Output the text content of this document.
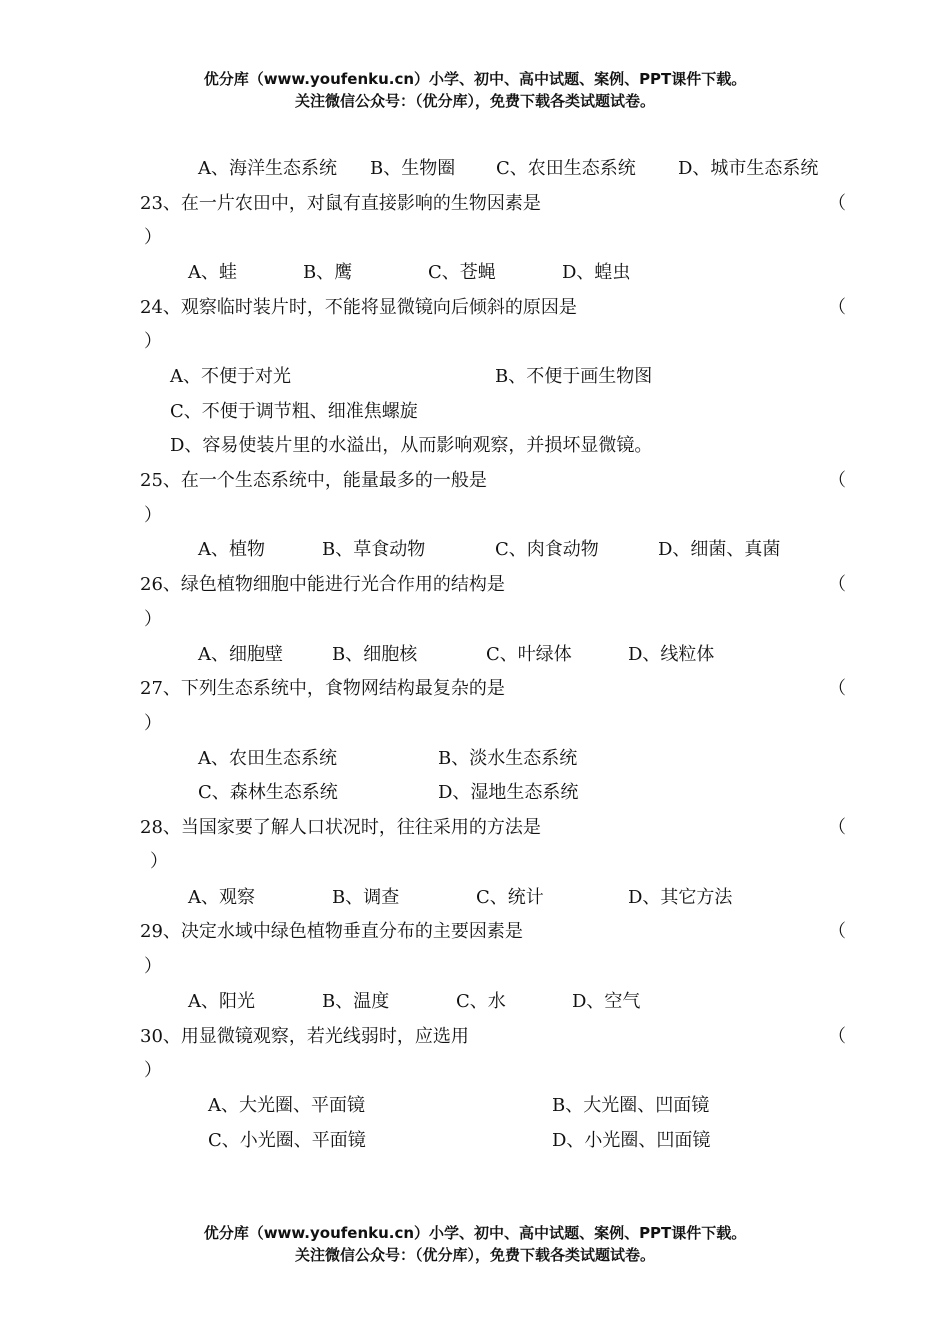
优分库（www.youfenku.cn）小学、初中、高中试题、案例、PPT课件下载。
关注微信公众号：（优分库），免费下载各类试题试卷。
A、海洋生态系统 B、生物圈 C、农田生态系统 D、城市生态系统
23、在一片农田中，对鼠有直接影响的生物因素是	（
）
A、蛙	B、鹰	C、苍蝇	D、蝗虫
24、观察临时装片时，不能将显微镜向后倾斜的原因是	（
）
A、不便于对光	B、不便于画生物图
C、不便于调节粗、细准焦螺旋
D、容易使装片里的水溢出，从而影响观察，并损坏显微镜。
25、在一个生态系统中，能量最多的一般是	（
）
A、植物	B、草食动物	C、肉食动物	D、细菌、真菌
26、绿色植物细胞中能进行光合作用的结构是	（
）
A、细胞壁	B、细胞核	C、叶绿体	D、线粒体
27、下列生态系统中，食物网结构最复杂的是	（
）
A、农田生态系统	B、淡水生态系统
C、森林生态系统	D、湿地生态系统
28、当国家要了解人口状况时，往往采用的方法是	（
）
A、观察	B、调查	C、统计	D、其它方法
29、决定水域中绿色植物垂直分布的主要因素是	（
）
A、阳光	B、温度	C、水	D、空气
30、用显微镜观察，若光线弱时，应选用	（
）
A、大光圈、平面镜	B、大光圈、凹面镜
C、小光圈、平面镜	D、小光圈、凹面镜
优分库（www.youfenku.cn）小学、初中、高中试题、案例、PPT课件下载。
关注微信公众号：（优分库），免费下载各类试题试卷。
